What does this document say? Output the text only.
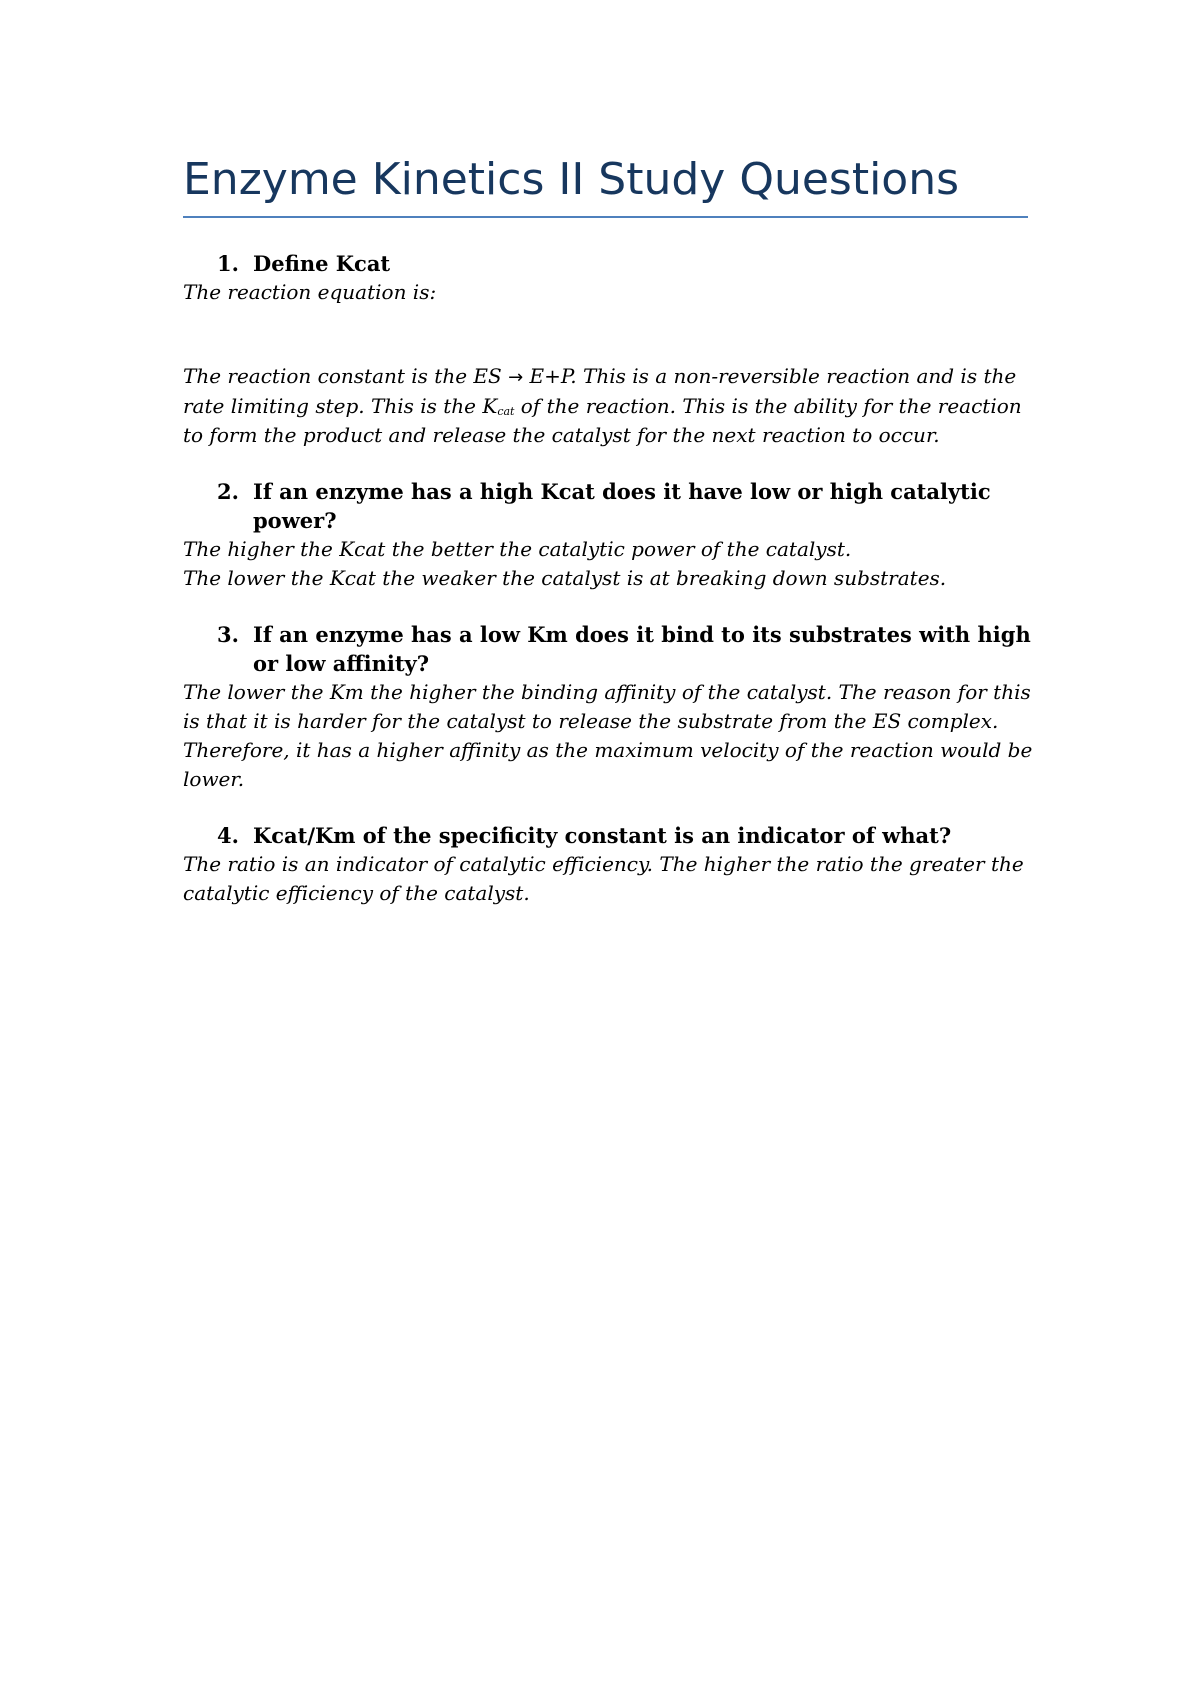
Enzyme Kinetics II Study Questions
1. Define Kcat
The reaction equation is:
The reaction constant is the ES → E+P. This is a non-reversible reaction and is the rate limiting step. This is the $K_{cat}$ of the reaction. This is the ability for the reaction to form the product and release the catalyst for the next reaction to occur.
2. If an enzyme has a high Kcat does it have low or high catalytic power?
The higher the Kcat the better the catalytic power of the catalyst.
The lower the Kcat the weaker the catalyst is at breaking down substrates.
3. If an enzyme has a low Km does it bind to its substrates with high or low affinity?
The lower the Km the higher the binding affinity of the catalyst. The reason for this is that it is harder for the catalyst to release the substrate from the ES complex. Therefore, it has a higher affinity as the maximum velocity of the reaction would be lower.
4. Kcat/Km of the specificity constant is an indicator of what?
The ratio is an indicator of catalytic efficiency. The higher the ratio the greater the catalytic efficiency of the catalyst.
